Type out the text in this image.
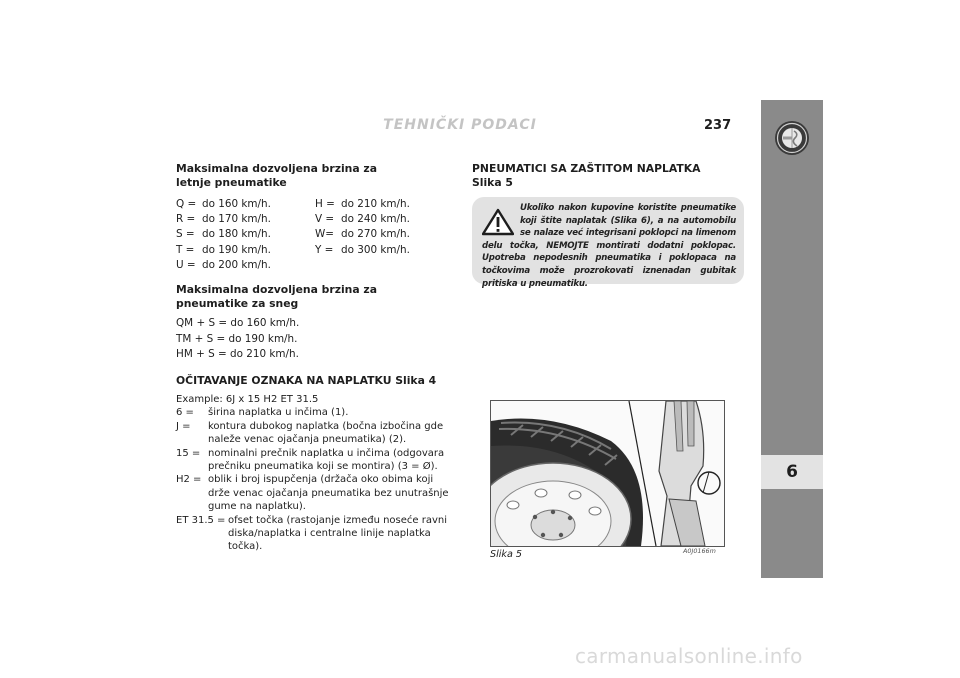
TEHNIČKI PODACI	237
6
Maksimalna dozvoljena brzina za
letnje pneumatike
Q =	do 160 km/h.	H =	do 210 km/h.
R =	do 170 km/h.	V =	do 240 km/h.
S =	do 180 km/h.	W=	do 270 km/h.
T =	do 190 km/h.	Y =	do 300 km/h.
U =	do 200 km/h.		
Maksimalna dozvoljena brzina za
pneumatike za sneg
QM + S = do 160 km/h.
TM + S = do 190 km/h.
HM + S = do 210 km/h.
OČITAVANJE OZNAKA NA NAPLATKU Slika 4
Example: 6J x 15 H2 ET 31.5
6 =	širina naplatka u inčima (1).
J =	kontura dubokog naplatka (bočna izbočina gde naleže venac ojačanja pneumatika) (2).
15 = nominalni prečnik naplatka u inčima (odgovara prečniku pneumatika koji se montira) (3 = Ø).
H2 = oblik i broj ispupčenja (držača oko obima koji drže venac ojačanja pneumatika bez unutrašnje gume na naplatku).
ET 31.5 = ofset točka (rastojanje između noseće ravni diska/naplatka i centralne linije naplatka točka).
PNEUMATICI SA ZAŠTITOM NAPLATKA
Slika 5
Ukoliko nakon kupovine koristite pneumatike koji štite naplatak (Slika 6), a na automobilu se nalaze već integrisani poklopci na limenom delu točka, NEMOJTE montirati dodatni poklopac. Upotreba nepodesnih pneumatika i poklopaca na točkovima može prozrokovati iznenadan gubitak pritiska u pneumatiku.
Slika 5	A0J0166m
carmanualsonline.info
